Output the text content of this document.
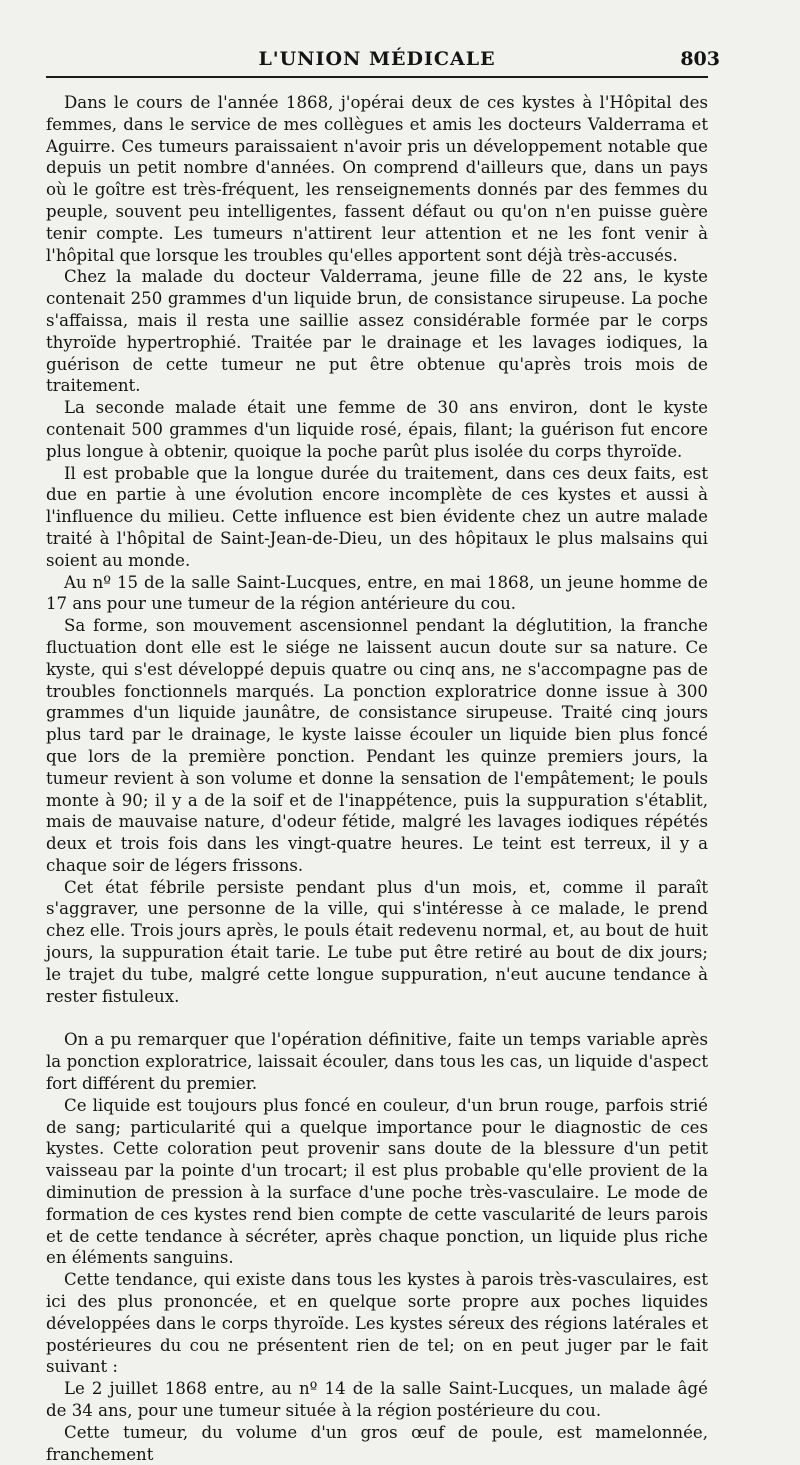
L'UNION MÉDICALE	803

Dans le cours de l'année 1868, j'opérai deux de ces kystes à l'Hôpital des femmes, dans le service de mes collègues et amis les docteurs Valderrama et Aguirre. Ces tumeurs paraissaient n'avoir pris un développement notable que depuis un petit nombre d'années. On comprend d'ailleurs que, dans un pays où le goître est très-fréquent, les renseignements donnés par des femmes du peuple, souvent peu intelligentes, fassent défaut ou qu'on n'en puisse guère tenir compte. Les tumeurs n'attirent leur attention et ne les font venir à l'hôpital que lorsque les troubles qu'elles apportent sont déjà très-accusés.

Chez la malade du docteur Valderrama, jeune fille de 22 ans, le kyste contenait 250 grammes d'un liquide brun, de consistance sirupeuse. La poche s'affaissa, mais il resta une saillie assez considérable formée par le corps thyroïde hypertrophié. Traitée par le drainage et les lavages iodiques, la guérison de cette tumeur ne put être obtenue qu'après trois mois de traitement.

La seconde malade était une femme de 30 ans environ, dont le kyste contenait 500 grammes d'un liquide rosé, épais, filant; la guérison fut encore plus longue à obtenir, quoique la poche parût plus isolée du corps thyroïde.

Il est probable que la longue durée du traitement, dans ces deux faits, est due en partie à une évolution encore incomplète de ces kystes et aussi à l'influence du milieu. Cette influence est bien évidente chez un autre malade traité à l'hôpital de Saint-Jean-de-Dieu, un des hôpitaux le plus malsains qui soient au monde.

Au nº 15 de la salle Saint-Lucques, entre, en mai 1868, un jeune homme de 17 ans pour une tumeur de la région antérieure du cou.

Sa forme, son mouvement ascensionnel pendant la déglutition, la franche fluctuation dont elle est le siége ne laissent aucun doute sur sa nature. Ce kyste, qui s'est développé depuis quatre ou cinq ans, ne s'accompagne pas de troubles fonctionnels marqués. La ponction exploratrice donne issue à 300 grammes d'un liquide jaunâtre, de consistance sirupeuse. Traité cinq jours plus tard par le drainage, le kyste laisse écouler un liquide bien plus foncé que lors de la première ponction. Pendant les quinze premiers jours, la tumeur revient à son volume et donne la sensation de l'empâtement; le pouls monte à 90; il y a de la soif et de l'inappétence, puis la suppuration s'établit, mais de mauvaise nature, d'odeur fétide, malgré les lavages iodiques répétés deux et trois fois dans les vingt-quatre heures. Le teint est terreux, il y a chaque soir de légers frissons.

Cet état fébrile persiste pendant plus d'un mois, et, comme il paraît s'aggraver, une personne de la ville, qui s'intéresse à ce malade, le prend chez elle. Trois jours après, le pouls était redevenu normal, et, au bout de huit jours, la suppuration était tarie. Le tube put être retiré au bout de dix jours; le trajet du tube, malgré cette longue suppuration, n'eut aucune tendance à rester fistuleux.

On a pu remarquer que l'opération définitive, faite un temps variable après la ponction exploratrice, laissait écouler, dans tous les cas, un liquide d'aspect fort différent du premier.

Ce liquide est toujours plus foncé en couleur, d'un brun rouge, parfois strié de sang; particularité qui a quelque importance pour le diagnostic de ces kystes. Cette coloration peut provenir sans doute de la blessure d'un petit vaisseau par la pointe d'un trocart; il est plus probable qu'elle provient de la diminution de pression à la surface d'une poche très-vasculaire. Le mode de formation de ces kystes rend bien compte de cette vascularité de leurs parois et de cette tendance à sécréter, après chaque ponction, un liquide plus riche en éléments sanguins.

Cette tendance, qui existe dans tous les kystes à parois très-vasculaires, est ici des plus prononcée, et en quelque sorte propre aux poches liquides développées dans le corps thyroïde. Les kystes séreux des régions latérales et postérieures du cou ne présentent rien de tel; on en peut juger par le fait suivant :

Le 2 juillet 1868 entre, au nº 14 de la salle Saint-Lucques, un malade âgé de 34 ans, pour une tumeur située à la région postérieure du cou.

Cette tumeur, du volume d'un gros œuf de poule, est mamelonnée, franchement
